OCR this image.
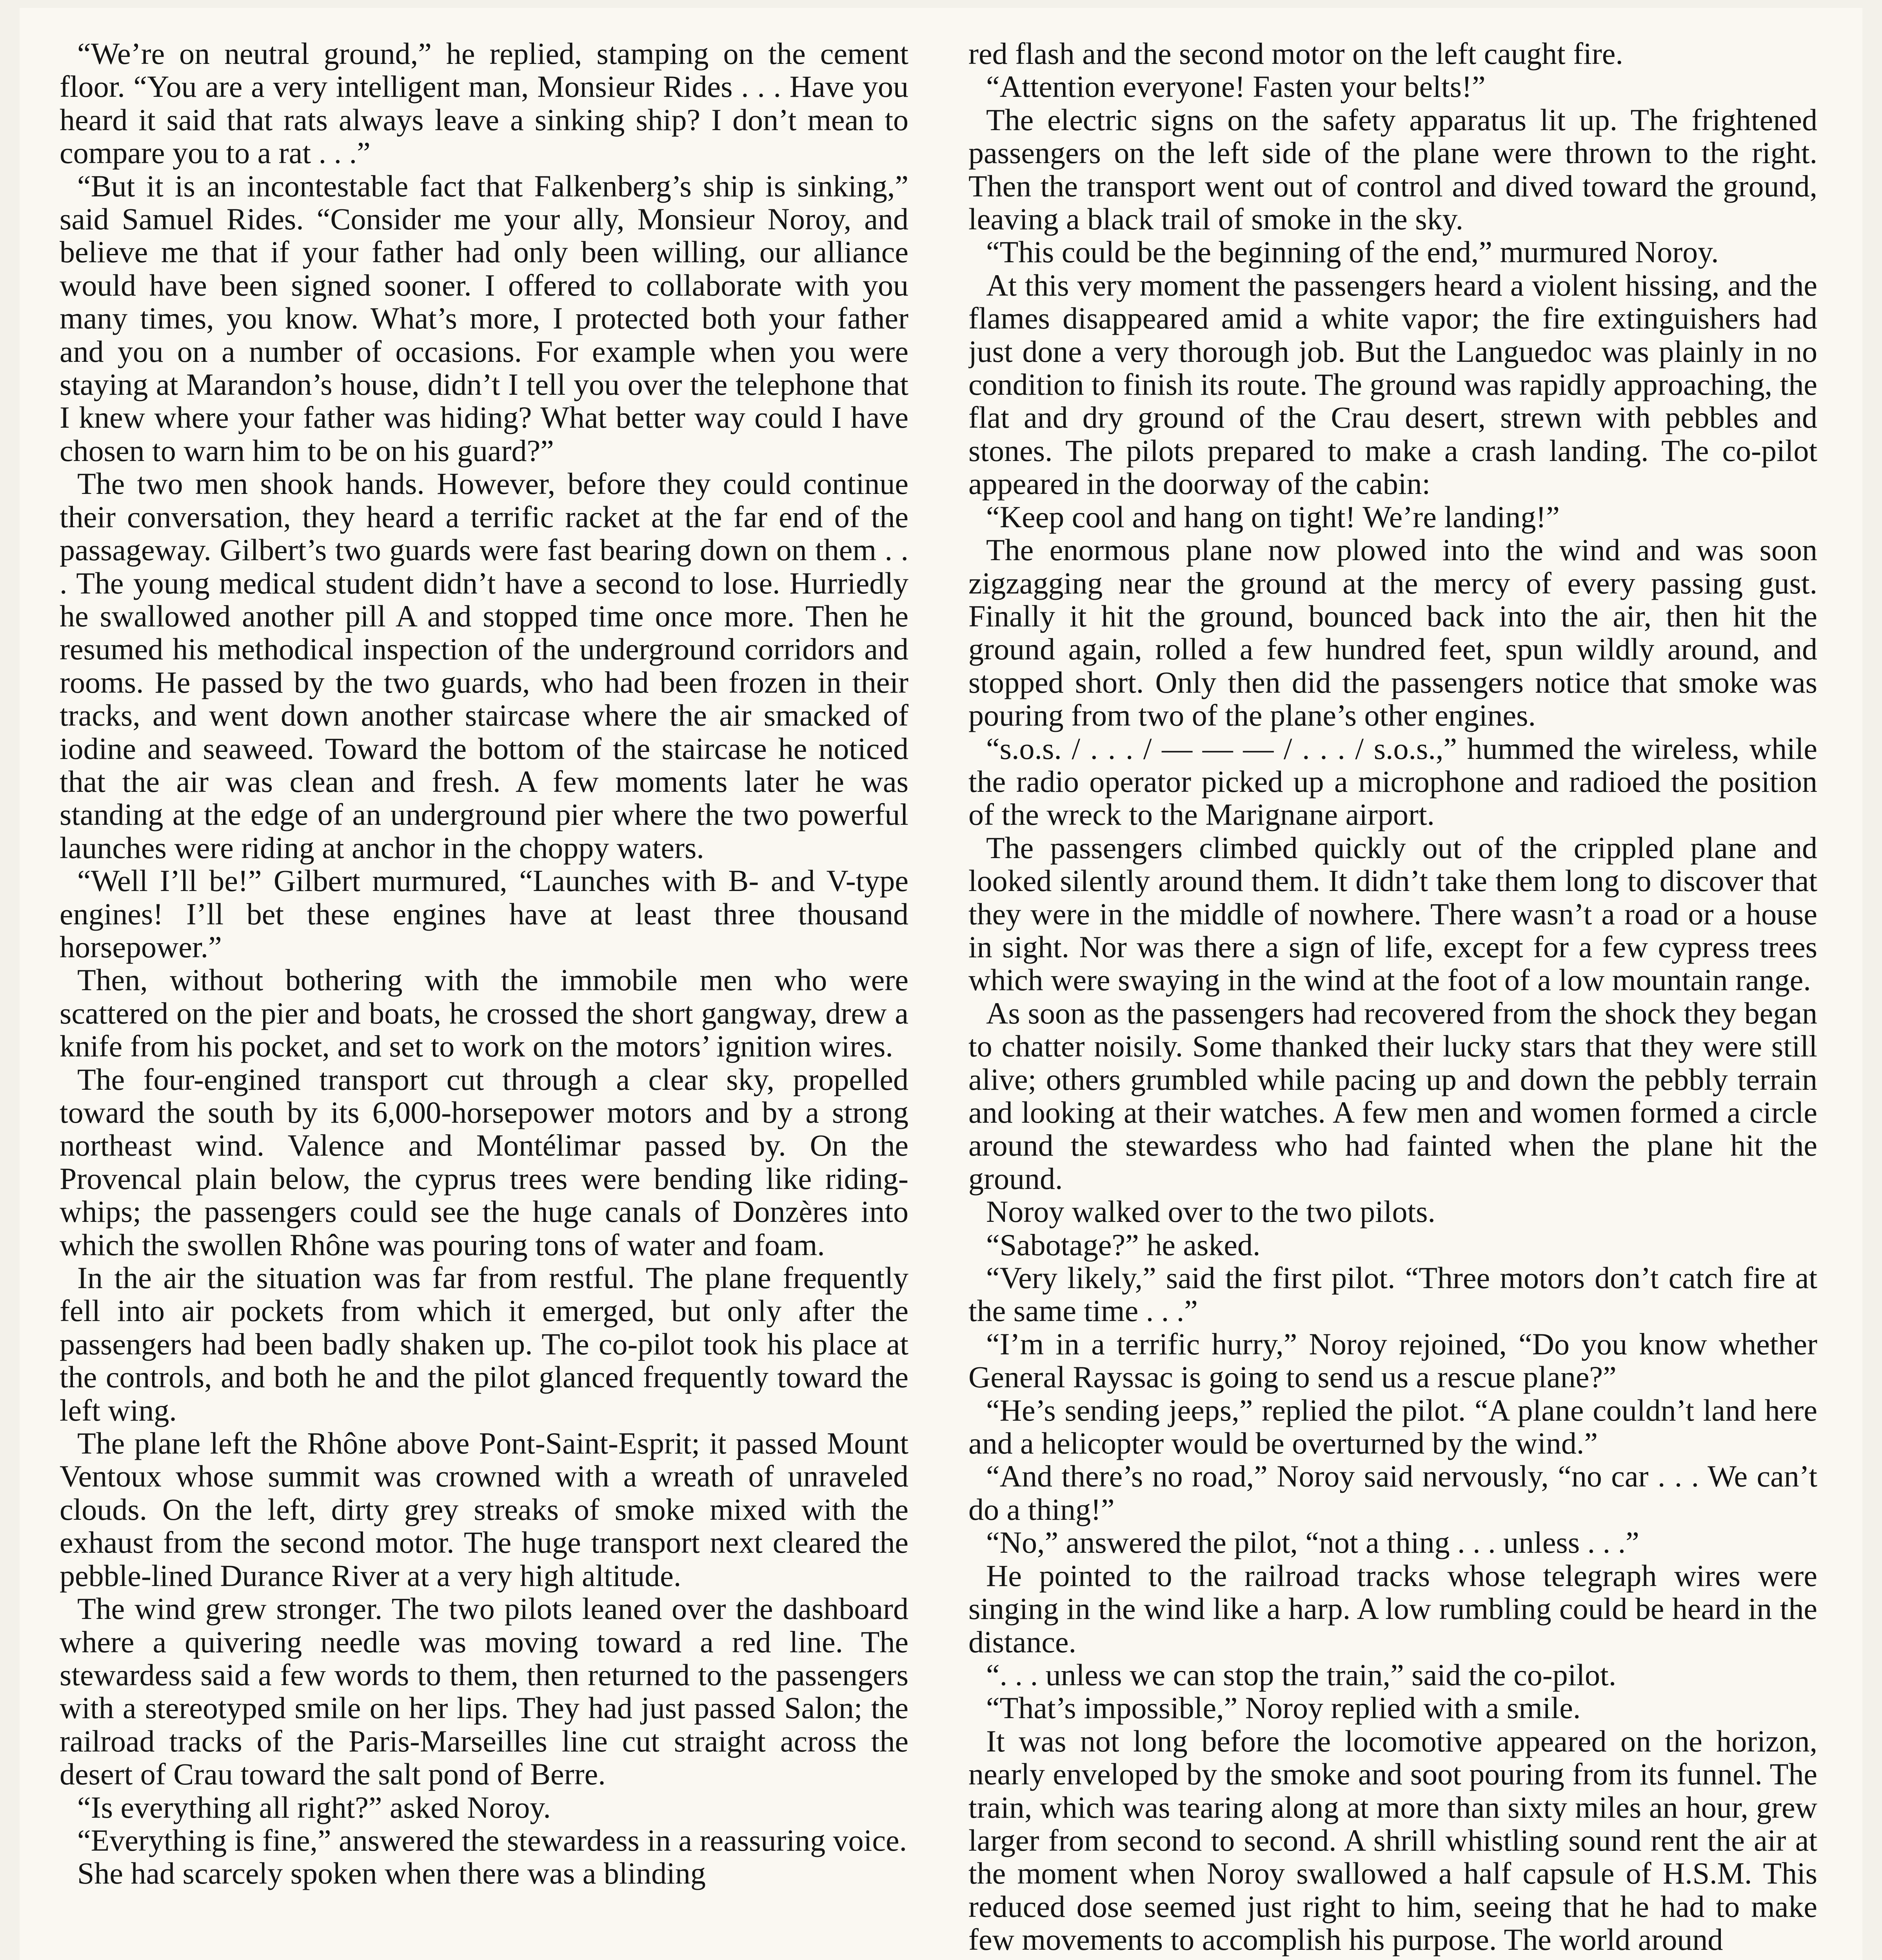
“We’re on neutral ground,” he replied, stamping on the cement floor. “You are a very intelligent man, Monsieur Rides . . . Have you heard it said that rats always leave a sinking ship? I don’t mean to compare you to a rat . . .”

“But it is an incontestable fact that Falkenberg’s ship is sinking,” said Samuel Rides. “Consider me your ally, Monsieur Noroy, and believe me that if your father had only been willing, our alliance would have been signed sooner. I offered to collaborate with you many times, you know. What’s more, I protected both your father and you on a number of occasions. For example when you were staying at Marandon’s house, didn’t I tell you over the telephone that I knew where your father was hiding? What better way could I have chosen to warn him to be on his guard?”

The two men shook hands. However, before they could continue their conversation, they heard a terrific racket at the far end of the passageway. Gilbert’s two guards were fast bearing down on them . . . The young medical student didn’t have a second to lose. Hurriedly he swallowed another pill A and stopped time once more. Then he resumed his methodical inspection of the underground corridors and rooms. He passed by the two guards, who had been frozen in their tracks, and went down another staircase where the air smacked of iodine and seaweed. Toward the bottom of the staircase he noticed that the air was clean and fresh. A few moments later he was standing at the edge of an underground pier where the two powerful launches were riding at anchor in the choppy waters.

“Well I’ll be!” Gilbert murmured, “Launches with B- and V-type engines! I’ll bet these engines have at least three thousand horsepower.”

Then, without bothering with the immobile men who were scattered on the pier and boats, he crossed the short gangway, drew a knife from his pocket, and set to work on the motors’ ignition wires.

The four-engined transport cut through a clear sky, propelled toward the south by its 6,000-horsepower motors and by a strong northeast wind. Valence and Montélimar passed by. On the Provencal plain below, the cyprus trees were bending like riding-whips; the passengers could see the huge canals of Donzères into which the swollen Rhône was pouring tons of water and foam.

In the air the situation was far from restful. The plane frequently fell into air pockets from which it emerged, but only after the passengers had been badly shaken up. The co-pilot took his place at the controls, and both he and the pilot glanced frequently toward the left wing.

The plane left the Rhône above Pont-Saint-Esprit; it passed Mount Ventoux whose summit was crowned with a wreath of unraveled clouds. On the left, dirty grey streaks of smoke mixed with the exhaust from the second motor. The huge transport next cleared the pebble-lined Durance River at a very high altitude.

The wind grew stronger. The two pilots leaned over the dashboard where a quivering needle was moving toward a red line. The stewardess said a few words to them, then returned to the passengers with a stereotyped smile on her lips. They had just passed Salon; the railroad tracks of the Paris-Marseilles line cut straight across the desert of Crau toward the salt pond of Berre.

“Is everything all right?” asked Noroy.

“Everything is fine,” answered the stewardess in a reassuring voice.

She had scarcely spoken when there was a blinding

red flash and the second motor on the left caught fire.

“Attention everyone! Fasten your belts!”

The electric signs on the safety apparatus lit up. The frightened passengers on the left side of the plane were thrown to the right. Then the transport went out of control and dived toward the ground, leaving a black trail of smoke in the sky.

“This could be the beginning of the end,” murmured Noroy.

At this very moment the passengers heard a violent hissing, and the flames disappeared amid a white vapor; the fire extinguishers had just done a very thorough job. But the Languedoc was plainly in no condition to finish its route. The ground was rapidly approaching, the flat and dry ground of the Crau desert, strewn with pebbles and stones. The pilots prepared to make a crash landing. The co-pilot appeared in the doorway of the cabin:

“Keep cool and hang on tight! We’re landing!”

The enormous plane now plowed into the wind and was soon zigzagging near the ground at the mercy of every passing gust. Finally it hit the ground, bounced back into the air, then hit the ground again, rolled a few hundred feet, spun wildly around, and stopped short. Only then did the passengers notice that smoke was pouring from two of the plane’s other engines.

“s.o.s. / . . . / — — — / . . . / s.o.s.,” hummed the wireless, while the radio operator picked up a microphone and radioed the position of the wreck to the Marignane airport.

The passengers climbed quickly out of the crippled plane and looked silently around them. It didn’t take them long to discover that they were in the middle of nowhere. There wasn’t a road or a house in sight. Nor was there a sign of life, except for a few cypress trees which were swaying in the wind at the foot of a low mountain range.

As soon as the passengers had recovered from the shock they began to chatter noisily. Some thanked their lucky stars that they were still alive; others grumbled while pacing up and down the pebbly terrain and looking at their watches. A few men and women formed a circle around the stewardess who had fainted when the plane hit the ground.

Noroy walked over to the two pilots.

“Sabotage?” he asked.

“Very likely,” said the first pilot. “Three motors don’t catch fire at the same time . . .”

“I’m in a terrific hurry,” Noroy rejoined, “Do you know whether General Rayssac is going to send us a rescue plane?”

“He’s sending jeeps,” replied the pilot. “A plane couldn’t land here and a helicopter would be overturned by the wind.”

“And there’s no road,” Noroy said nervously, “no car . . . We can’t do a thing!”

“No,” answered the pilot, “not a thing . . . unless . . .”

He pointed to the railroad tracks whose telegraph wires were singing in the wind like a harp. A low rumbling could be heard in the distance.

“. . . unless we can stop the train,” said the co-pilot.

“That’s impossible,” Noroy replied with a smile.

It was not long before the locomotive appeared on the horizon, nearly enveloped by the smoke and soot pouring from its funnel. The train, which was tearing along at more than sixty miles an hour, grew larger from second to second. A shrill whistling sound rent the air at the moment when Noroy swallowed a half capsule of H.S.M. This reduced dose seemed just right to him, seeing that he had to make few movements to accomplish his purpose. The world around
